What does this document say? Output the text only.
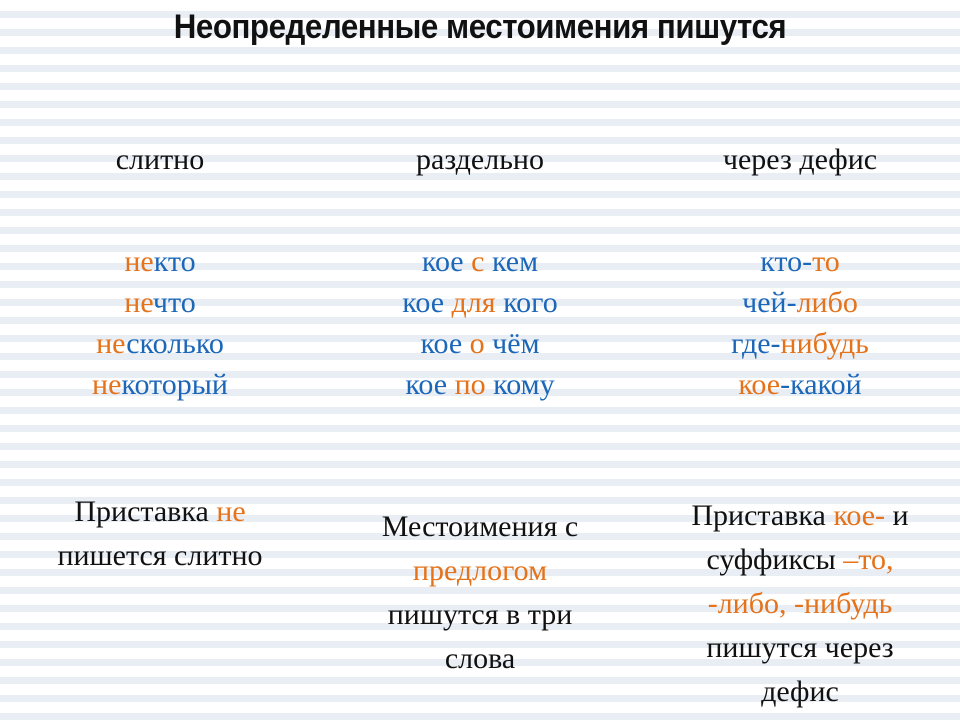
Неопределенные местоимения пишутся
слитно
некто
нечто
несколько
некоторый
Приставка не
пишется слитно
раздельно
кое с кем
кое для кого
кое о чём
кое по кому
Местоимения с
предлогом
пишутся в три
слова
через дефис
кто-то
чей-либо
где-нибудь
кое-какой
Приставка кое- и
суффиксы –то,
-либо, -нибудь
пишутся через
дефис
